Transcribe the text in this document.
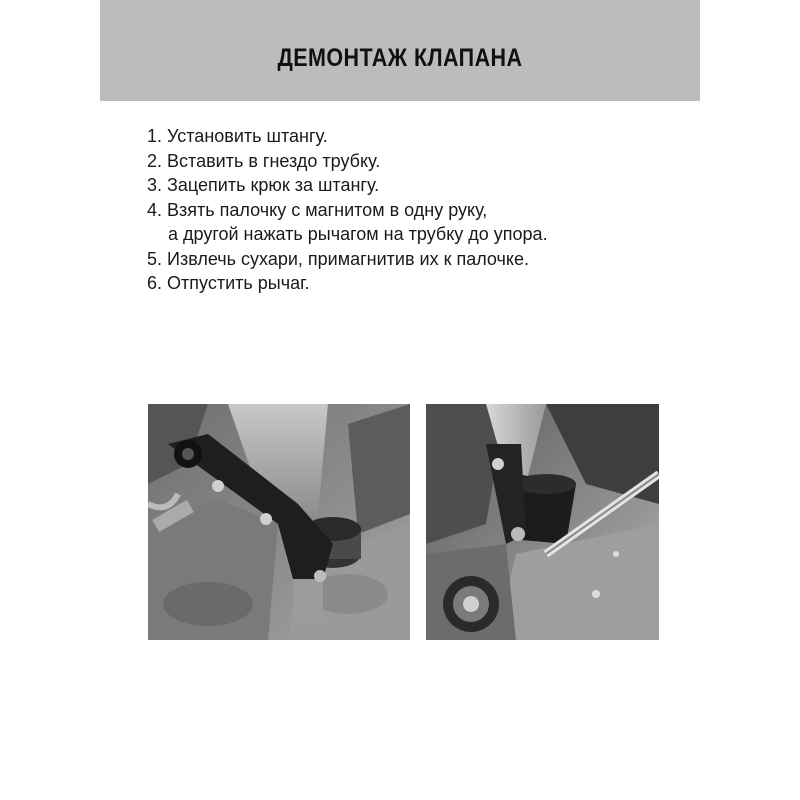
ДЕМОНТАЖ КЛАПАНА
1. Установить штангу.
2. Вставить в гнездо трубку.
3. Зацепить крюк за штангу.
4. Взять палочку с магнитом в одну руку,
а другой нажать рычагом на трубку до упора.
5. Извлечь сухари, примагнитив их к палочке.
6. Отпустить рычаг.
